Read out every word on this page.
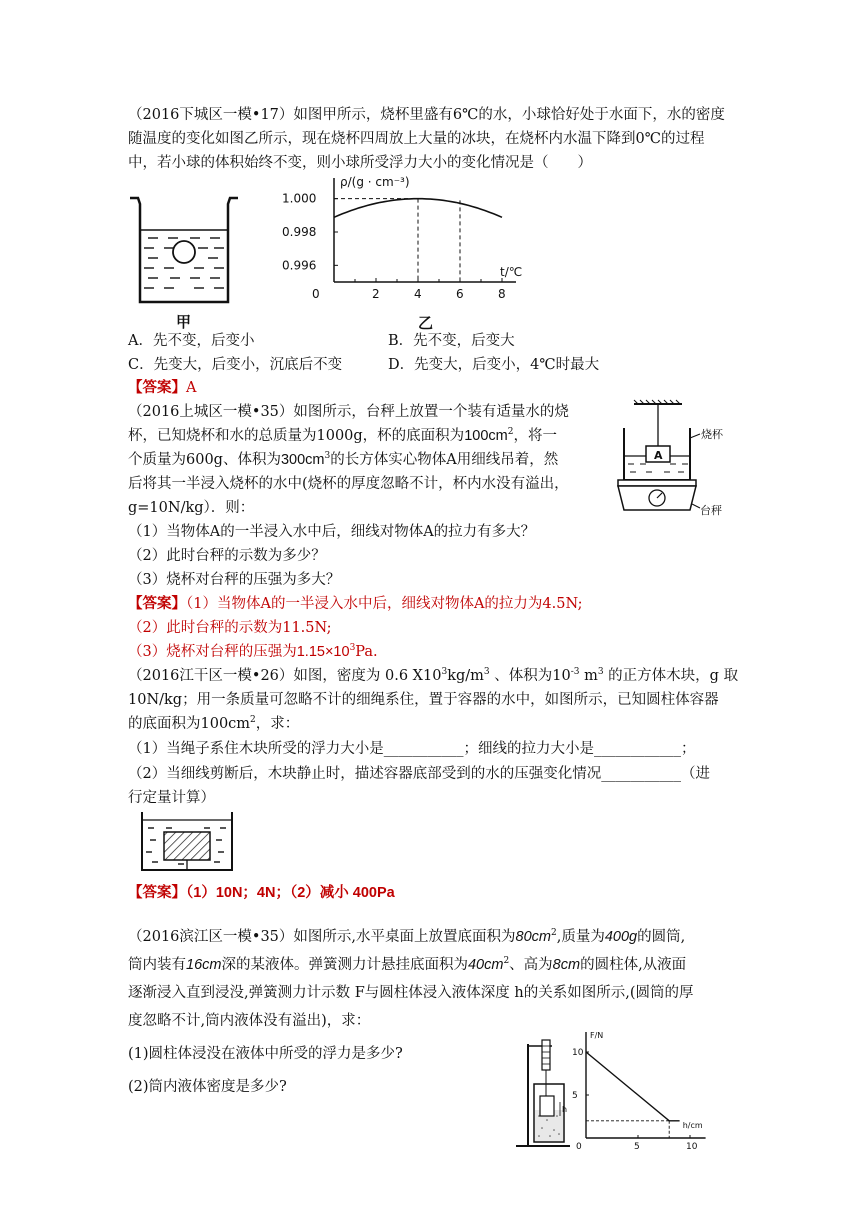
（2016下城区一模•17）如图甲所示，烧杯里盛有6℃的水，小球恰好处于水面下，水的密度
随温度的变化如图乙所示，现在烧杯四周放上大量的冰块，在烧杯内水温下降到0℃的过程
中，若小球的体积始终不变，则小球所受浮力大小的变化情况是（　　）
甲
ρ/(g · cm⁻³)
t/℃
0	2	4	6	8
1.000
0.998
0.996
乙
A．先不变，后变小	B．先不变，后变大
C．先变大，后变小，沉底后不变	D．先变大，后变小，4℃时最大
【答案】A
（2016上城区一模•35）如图所示，台秤上放置一个装有适量水的烧
杯，已知烧杯和水的总质量为1000g，杯的底面积为$100cm^2$，将一
个质量为600g、体积为$300cm^3$的长方体实心物体A用细线吊着，然
后将其一半浸入烧杯的水中(烧杯的厚度忽略不计，杯内水没有溢出，
g=10N/kg）．则：
（1）当物体A的一半浸入水中后，细线对物体A的拉力有多大？
（2）此时台秤的示数为多少？
（3）烧杯对台秤的压强为多大？
【答案】（1）当物体A的一半浸入水中后，细线对物体A的拉力为4.5N;
（2）此时台秤的示数为11.5N;
（3）烧杯对台秤的压强为$1.15\times 10^3Pa$.
A
烧杯
台秤
（2016江干区一模•26）如图，密度为 0.6 $X10^3kg/m^3$ 、体积为$10^{-3}$ $m^3$ 的正方体木块，g 取
10N/kg；用一条质量可忽略不计的细绳系住，置于容器的水中，如图所示，已知圆柱体容器
的底面积为$100cm^2$，求：
（1）当绳子系住木块所受的浮力大小是___________；细线的拉力大小是____________；
（2）当细线剪断后，木块静止时，描述容器底部受到的水的压强变化情况___________（进
行定量计算）
【答案】（1）10N；4N；（2）减小 400Pa
（2016滨江区一模•35）如图所示,水平桌面上放置底面积为$80cm^2$,质量为400g的圆筒,
筒内装有16cm深的某液体。弹簧测力计悬挂底面积为$40cm^2$、高为8cm的圆柱体,从液面
逐渐浸入直到浸没,弹簧测力计示数 F与圆柱体浸入液体深度 h的关系如图所示,(圆筒的厚
度忽略不计,筒内液体没有溢出)，求：
(1)圆柱体浸没在液体中所受的浮力是多少?
(2)筒内液体密度是多少?
h
F/N
h/cm
10
5
0	5	10
